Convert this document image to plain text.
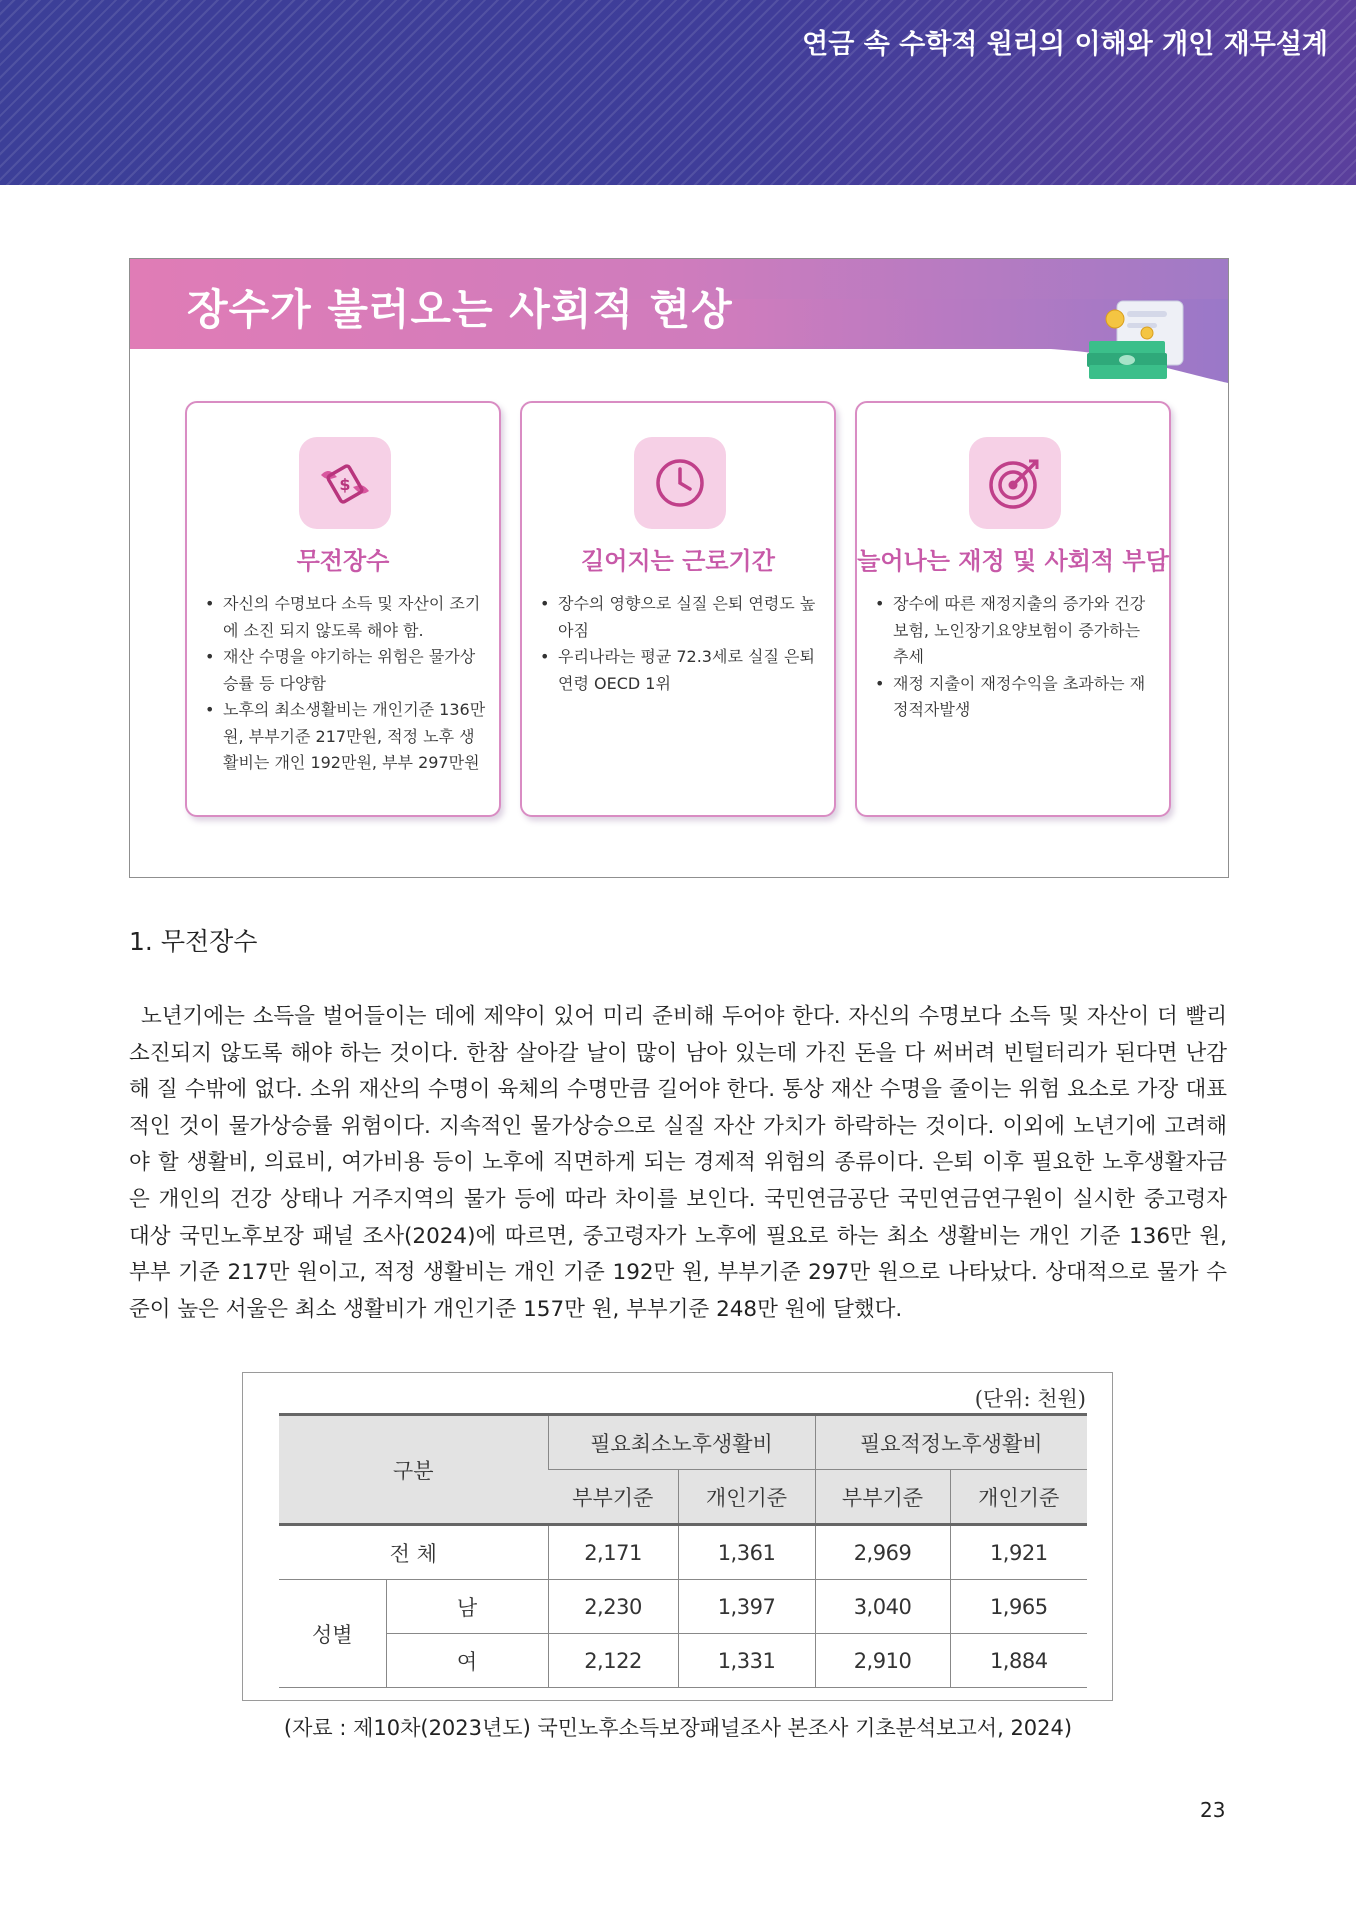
연금 속 수학적 원리의 이해와 개인 재무설계
장수가 불러오는 사회적 현상
$
무전장수
• 자신의 수명보다 소득 및 자산이 조기에 소진 되지 않도록 해야 함.
• 재산 수명을 야기하는 위험은 물가상승률 등 다양함
• 노후의 최소생활비는 개인기준 136만원, 부부기준 217만원, 적정 노후 생활비는 개인 192만원, 부부 297만원
길어지는 근로기간
• 장수의 영향으로 실질 은퇴 연령도 높아짐
• 우리나라는 평균 72.3세로 실질 은퇴 연령 OECD 1위
늘어나는 재정 및 사회적 부담
• 장수에 따른 재정지출의 증가와 건강보험, 노인장기요양보험이 증가하는 추세
• 재정 지출이 재정수익을 초과하는 재정적자발생
1. 무전장수

노년기에는 소득을 벌어들이는 데에 제약이 있어 미리 준비해 두어야 한다. 자신의 수명보다 소득 및 자산이 더 빨리 소진되지 않도록 해야 하는 것이다. 한참 살아갈 날이 많이 남아 있는데 가진 돈을 다 써버려 빈털터리가 된다면 난감해 질 수밖에 없다. 소위 재산의 수명이 육체의 수명만큼 길어야 한다. 통상 재산 수명을 줄이는 위험 요소로 가장 대표적인 것이 물가상승률 위험이다. 지속적인 물가상승으로 실질 자산 가치가 하락하는 것이다. 이외에 노년기에 고려해야 할 생활비, 의료비, 여가비용 등이 노후에 직면하게 되는 경제적 위험의 종류이다. 은퇴 이후 필요한 노후생활자금은 개인의 건강 상태나 거주지역의 물가 등에 따라 차이를 보인다. 국민연금공단 국민연금연구원이 실시한 중고령자 대상 국민노후보장 패널 조사(2024)에 따르면, 중고령자가 노후에 필요로 하는 최소 생활비는 개인 기준 136만 원, 부부 기준 217만 원이고, 적정 생활비는 개인 기준 192만 원, 부부기준 297만 원으로 나타났다. 상대적으로 물가 수준이 높은 서울은 최소 생활비가 개인기준 157만 원, 부부기준 248만 원에 달했다.

(단위: 천원)
구분		필요최소노후생활비		필요적정노후생활비	
		부부기준	개인기준	부부기준	개인기준
전 체		2,171	1,361	2,969	1,921
성별	남	2,230	1,397	3,040	1,965
	여	2,122	1,331	2,910	1,884
(자료 : 제10차(2023년도) 국민노후소득보장패널조사 본조사 기초분석보고서, 2024)
23
